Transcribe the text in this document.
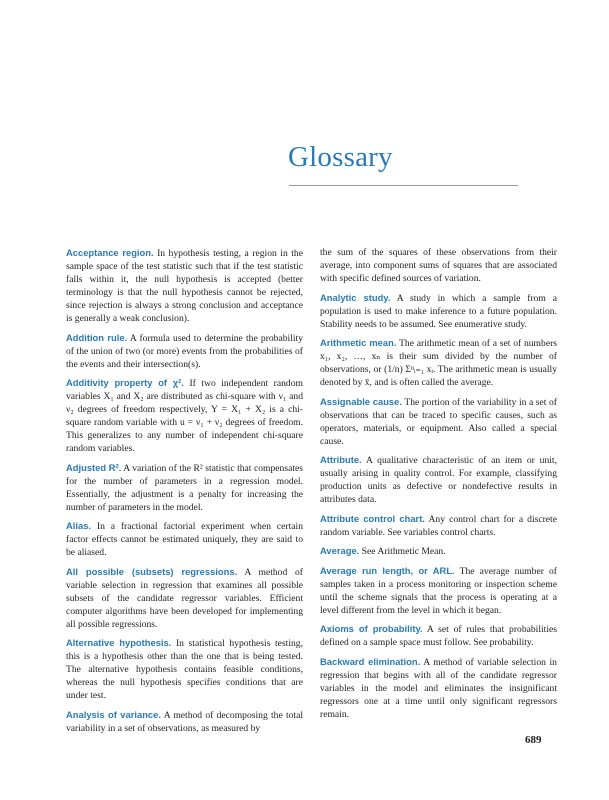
Glossary

Acceptance region. In hypothesis testing, a region in the sample space of the test statistic such that if the test statistic falls within it, the null hypothesis is accepted (better terminology is that the null hypothesis cannot be rejected, since rejection is always a strong conclusion and acceptance is generally a weak conclusion).

Addition rule. A formula used to determine the probability of the union of two (or more) events from the probabilities of the events and their intersection(s).

Additivity property of χ². If two independent random variables X₁ and X₂ are distributed as chi-square with ν₁ and ν₂ degrees of freedom respectively, Y = X₁ + X₂ is a chi-square random variable with u = ν₁ + ν₂ degrees of freedom. This generalizes to any number of independent chi-square random variables.

Adjusted R². A variation of the R² statistic that compensates for the number of parameters in a regression model. Essentially, the adjustment is a penalty for increasing the number of parameters in the model.

Alias. In a fractional factorial experiment when certain factor effects cannot be estimated uniquely, they are said to be aliased.

All possible (subsets) regressions. A method of variable selection in regression that examines all possible subsets of the candidate regressor variables. Efficient computer algorithms have been developed for implementing all possible regressions.

Alternative hypothesis. In statistical hypothesis testing, this is a hypothesis other than the one that is being tested. The alternative hypothesis contains feasible conditions, whereas the null hypothesis specifies conditions that are under test.

Analysis of variance. A method of decomposing the total variability in a set of observations, as measured by

the sum of the squares of these observations from their average, into component sums of squares that are associated with specific defined sources of variation.

Analytic study. A study in which a sample from a population is used to make inference to a future population. Stability needs to be assumed. See enumerative study.

Arithmetic mean. The arithmetic mean of a set of numbers x₁, x₂, …, xₙ is their sum divided by the number of observations, or (1/n) Σⁿᵢ₌₁ xᵢ. The arithmetic mean is usually denoted by x̄, and is often called the average.

Assignable cause. The portion of the variability in a set of observations that can be traced to specific causes, such as operators, materials, or equipment. Also called a special cause.

Attribute. A qualitative characteristic of an item or unit, usually arising in quality control. For example, classifying production units as defective or nondefective results in attributes data.

Attribute control chart. Any control chart for a discrete random variable. See variables control charts.

Average. See Arithmetic Mean.

Average run length, or ARL. The average number of samples taken in a process monitoring or inspection scheme until the scheme signals that the process is operating at a level different from the level in which it began.

Axioms of probability. A set of rules that probabilities defined on a sample space must follow. See probability.

Backward elimination. A method of variable selection in regression that begins with all of the candidate regressor variables in the model and eliminates the insignificant regressors one at a time until only significant regressors remain.

689
